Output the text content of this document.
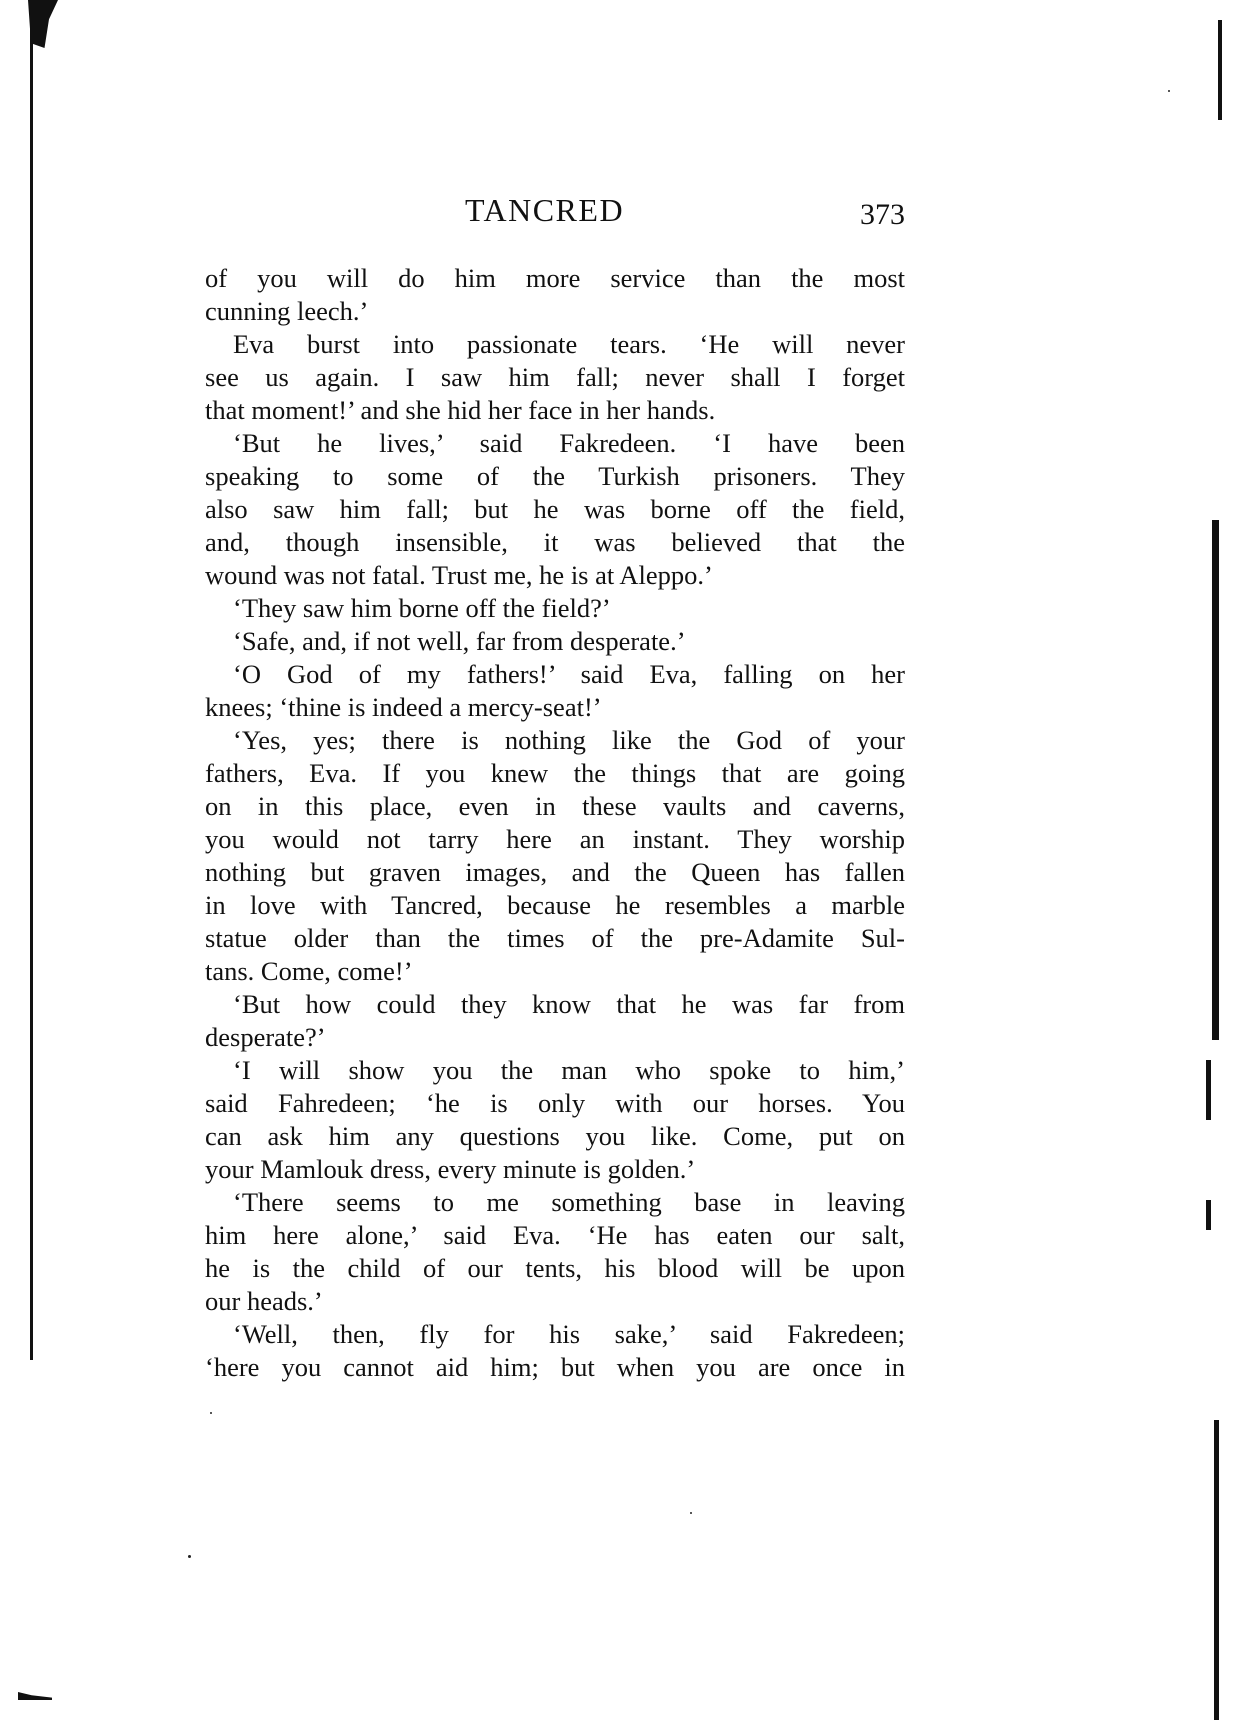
TANCRED	373
of you will do him more service than the most
cunning leech.’
Eva burst into passionate tears. ‘He will never
see us again. I saw him fall; never shall I forget
that moment!’ and she hid her face in her hands.
‘But he lives,’ said Fakredeen. ‘I have been
speaking to some of the Turkish prisoners. They
also saw him fall; but he was borne off the field,
and, though insensible, it was believed that the
wound was not fatal. Trust me, he is at Aleppo.’
‘They saw him borne off the field?’
‘Safe, and, if not well, far from desperate.’
‘O God of my fathers!’ said Eva, falling on her
knees; ‘thine is indeed a mercy-seat!’
‘Yes, yes; there is nothing like the God of your
fathers, Eva. If you knew the things that are going
on in this place, even in these vaults and caverns,
you would not tarry here an instant. They worship
nothing but graven images, and the Queen has fallen
in love with Tancred, because he resembles a marble
statue older than the times of the pre-Adamite Sul-
tans. Come, come!’
‘But how could they know that he was far from
desperate?’
‘I will show you the man who spoke to him,’
said Fahredeen; ‘he is only with our horses. You
can ask him any questions you like. Come, put on
your Mamlouk dress, every minute is golden.’
‘There seems to me something base in leaving
him here alone,’ said Eva. ‘He has eaten our salt,
he is the child of our tents, his blood will be upon
our heads.’
‘Well, then, fly for his sake,’ said Fakredeen;
‘here you cannot aid him; but when you are once in
